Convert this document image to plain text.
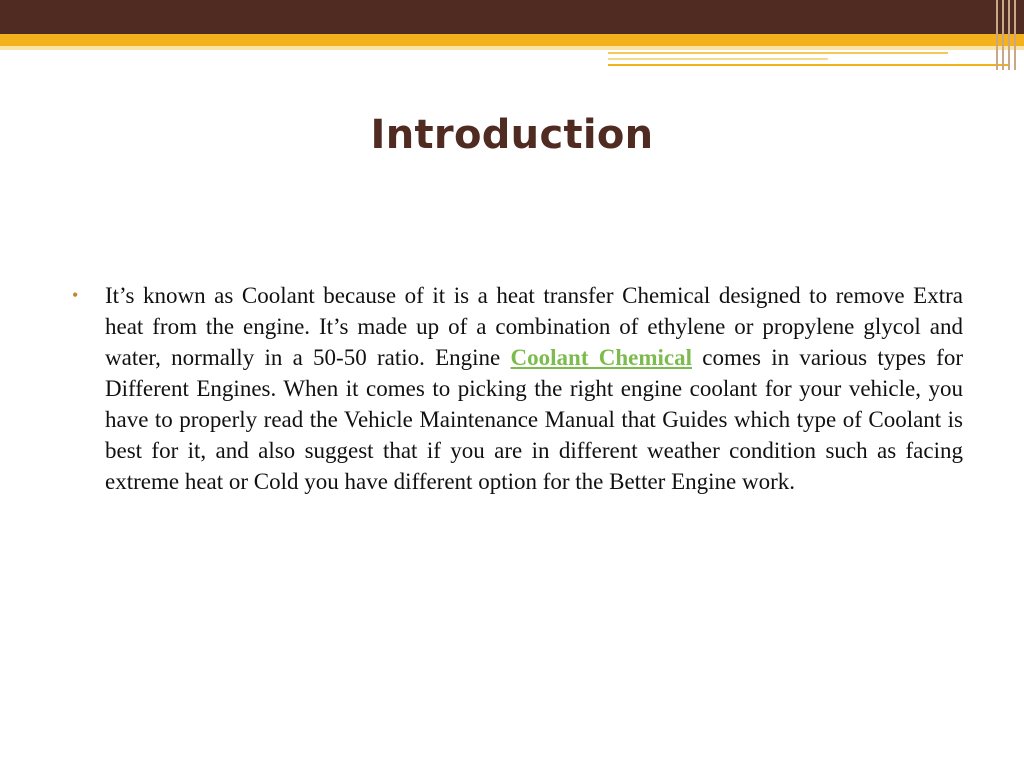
Introduction
•	It’s known as Coolant because of it is a heat transfer Chemical designed to remove Extra heat from the engine. It’s made up of a combination of ethylene or propylene glycol and water, normally in a 50-50 ratio. Engine Coolant Chemical comes in various types for Different Engines. When it comes to picking the right engine coolant for your vehicle, you have to properly read the Vehicle Maintenance Manual that Guides which type of Coolant is best for it, and also suggest that if you are in different weather condition such as facing extreme heat or Cold you have different option for the Better Engine work.
